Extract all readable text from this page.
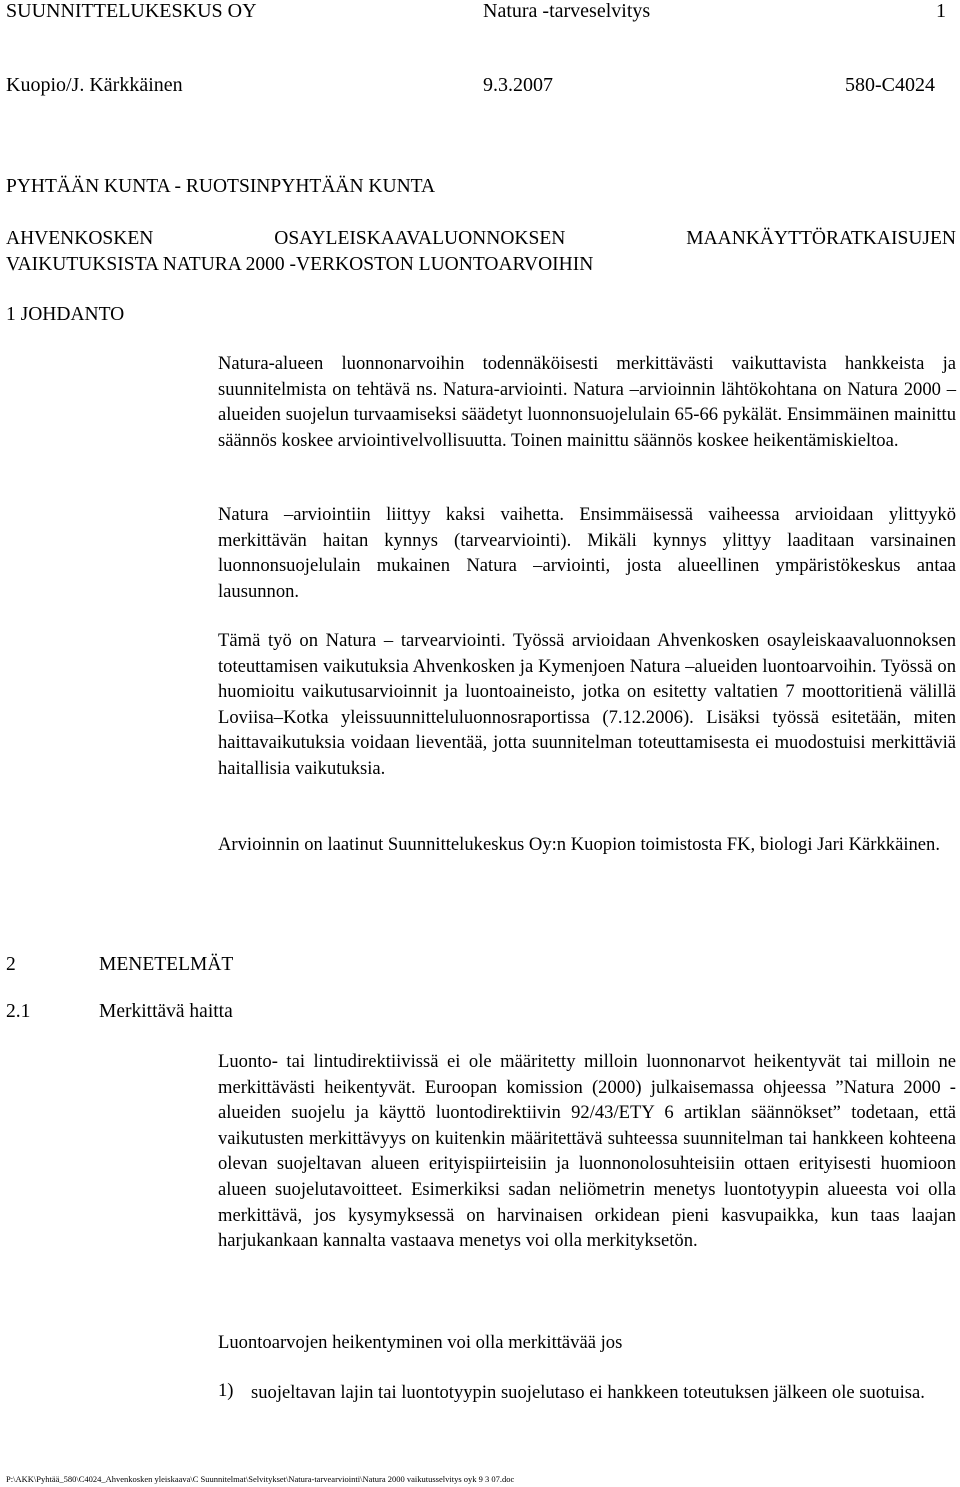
SUUNNITTELUKESKUS OY	Natura -tarveselvitys	1
Kuopio/J. Kärkkäinen	9.3.2007	580-C4024
PYHTÄÄN KUNTA - RUOTSINPYHTÄÄN KUNTA
AHVENKOSKEN	OSAYLEISKAAVALUONNOKSEN	MAANKÄYTTÖRATKAISUJEN
VAIKUTUKSISTA NATURA 2000 -VERKOSTON LUONTOARVOIHIN
1 JOHDANTO

Natura-alueen luonnonarvoihin todennäköisesti merkittävästi vaikuttavista hankkeista ja suunnitelmista on tehtävä ns. Natura-arviointi. Natura –arvioinnin lähtökohtana on Natura 2000 –alueiden suojelun turvaamiseksi säädetyt luonnonsuojelulain 65-66 pykälät. Ensimmäinen mainittu säännös koskee arviointivelvollisuutta. Toinen mainittu säännös koskee heikentämiskieltoa.

Natura –arviointiin liittyy kaksi vaihetta. Ensimmäisessä vaiheessa arvioidaan ylittyykö merkittävän haitan kynnys (tarvearviointi). Mikäli kynnys ylittyy laaditaan varsinainen luonnonsuojelulain mukainen Natura –arviointi, josta alueellinen ympäristökeskus antaa lausunnon.

Tämä työ on Natura – tarvearviointi. Työssä arvioidaan Ahvenkosken osayleiskaavaluonnoksen toteuttamisen vaikutuksia Ahvenkosken ja Kymenjoen Natura –alueiden luontoarvoihin. Työssä on huomioitu vaikutusarvioinnit ja luontoaineisto, jotka on esitetty valtatien 7 moottoritienä välillä Loviisa–Kotka yleissuunnitteluluonnosraportissa (7.12.2006). Lisäksi työssä esitetään, miten haittavaikutuksia voidaan lieventää, jotta suunnitelman toteuttamisesta ei muodostuisi merkittäviä haitallisia vaikutuksia.

Arvioinnin on laatinut Suunnittelukeskus Oy:n Kuopion toimistosta FK, biologi Jari Kärkkäinen.

2	MENETELMÄT
2.1	Merkittävä haitta

Luonto- tai lintudirektiivissä ei ole määritetty milloin luonnonarvot heikentyvät tai milloin ne merkittävästi heikentyvät. Euroopan komission (2000) julkaisemassa ohjeessa ”Natura 2000 -alueiden suojelu ja käyttö luontodirektiivin 92/43/ETY 6 artiklan säännökset” todetaan, että vaikutusten merkittävyys on kuitenkin määritettävä suhteessa suunnitelman tai hankkeen kohteena olevan suojeltavan alueen erityispiirteisiin ja luonnonolosuhteisiin ottaen erityisesti huomioon alueen suojelutavoitteet. Esimerkiksi sadan neliömetrin menetys luontotyypin alueesta voi olla merkittävä, jos kysymyksessä on harvinaisen orkidean pieni kasvupaikka, kun taas laajan harjukankaan kannalta vastaava menetys voi olla merkityksetön.

Luontoarvojen heikentyminen voi olla merkittävää jos

1) suojeltavan lajin tai luontotyypin suojelutaso ei hankkeen toteutuksen jälkeen ole suotuisa.
P:\AKK\Pyhtää_580\C4024_Ahvenkosken yleiskaava\C Suunnitelmat\Selvitykset\Natura-tarvearviointi\Natura 2000 vaikutusselvitys oyk 9 3 07.doc
